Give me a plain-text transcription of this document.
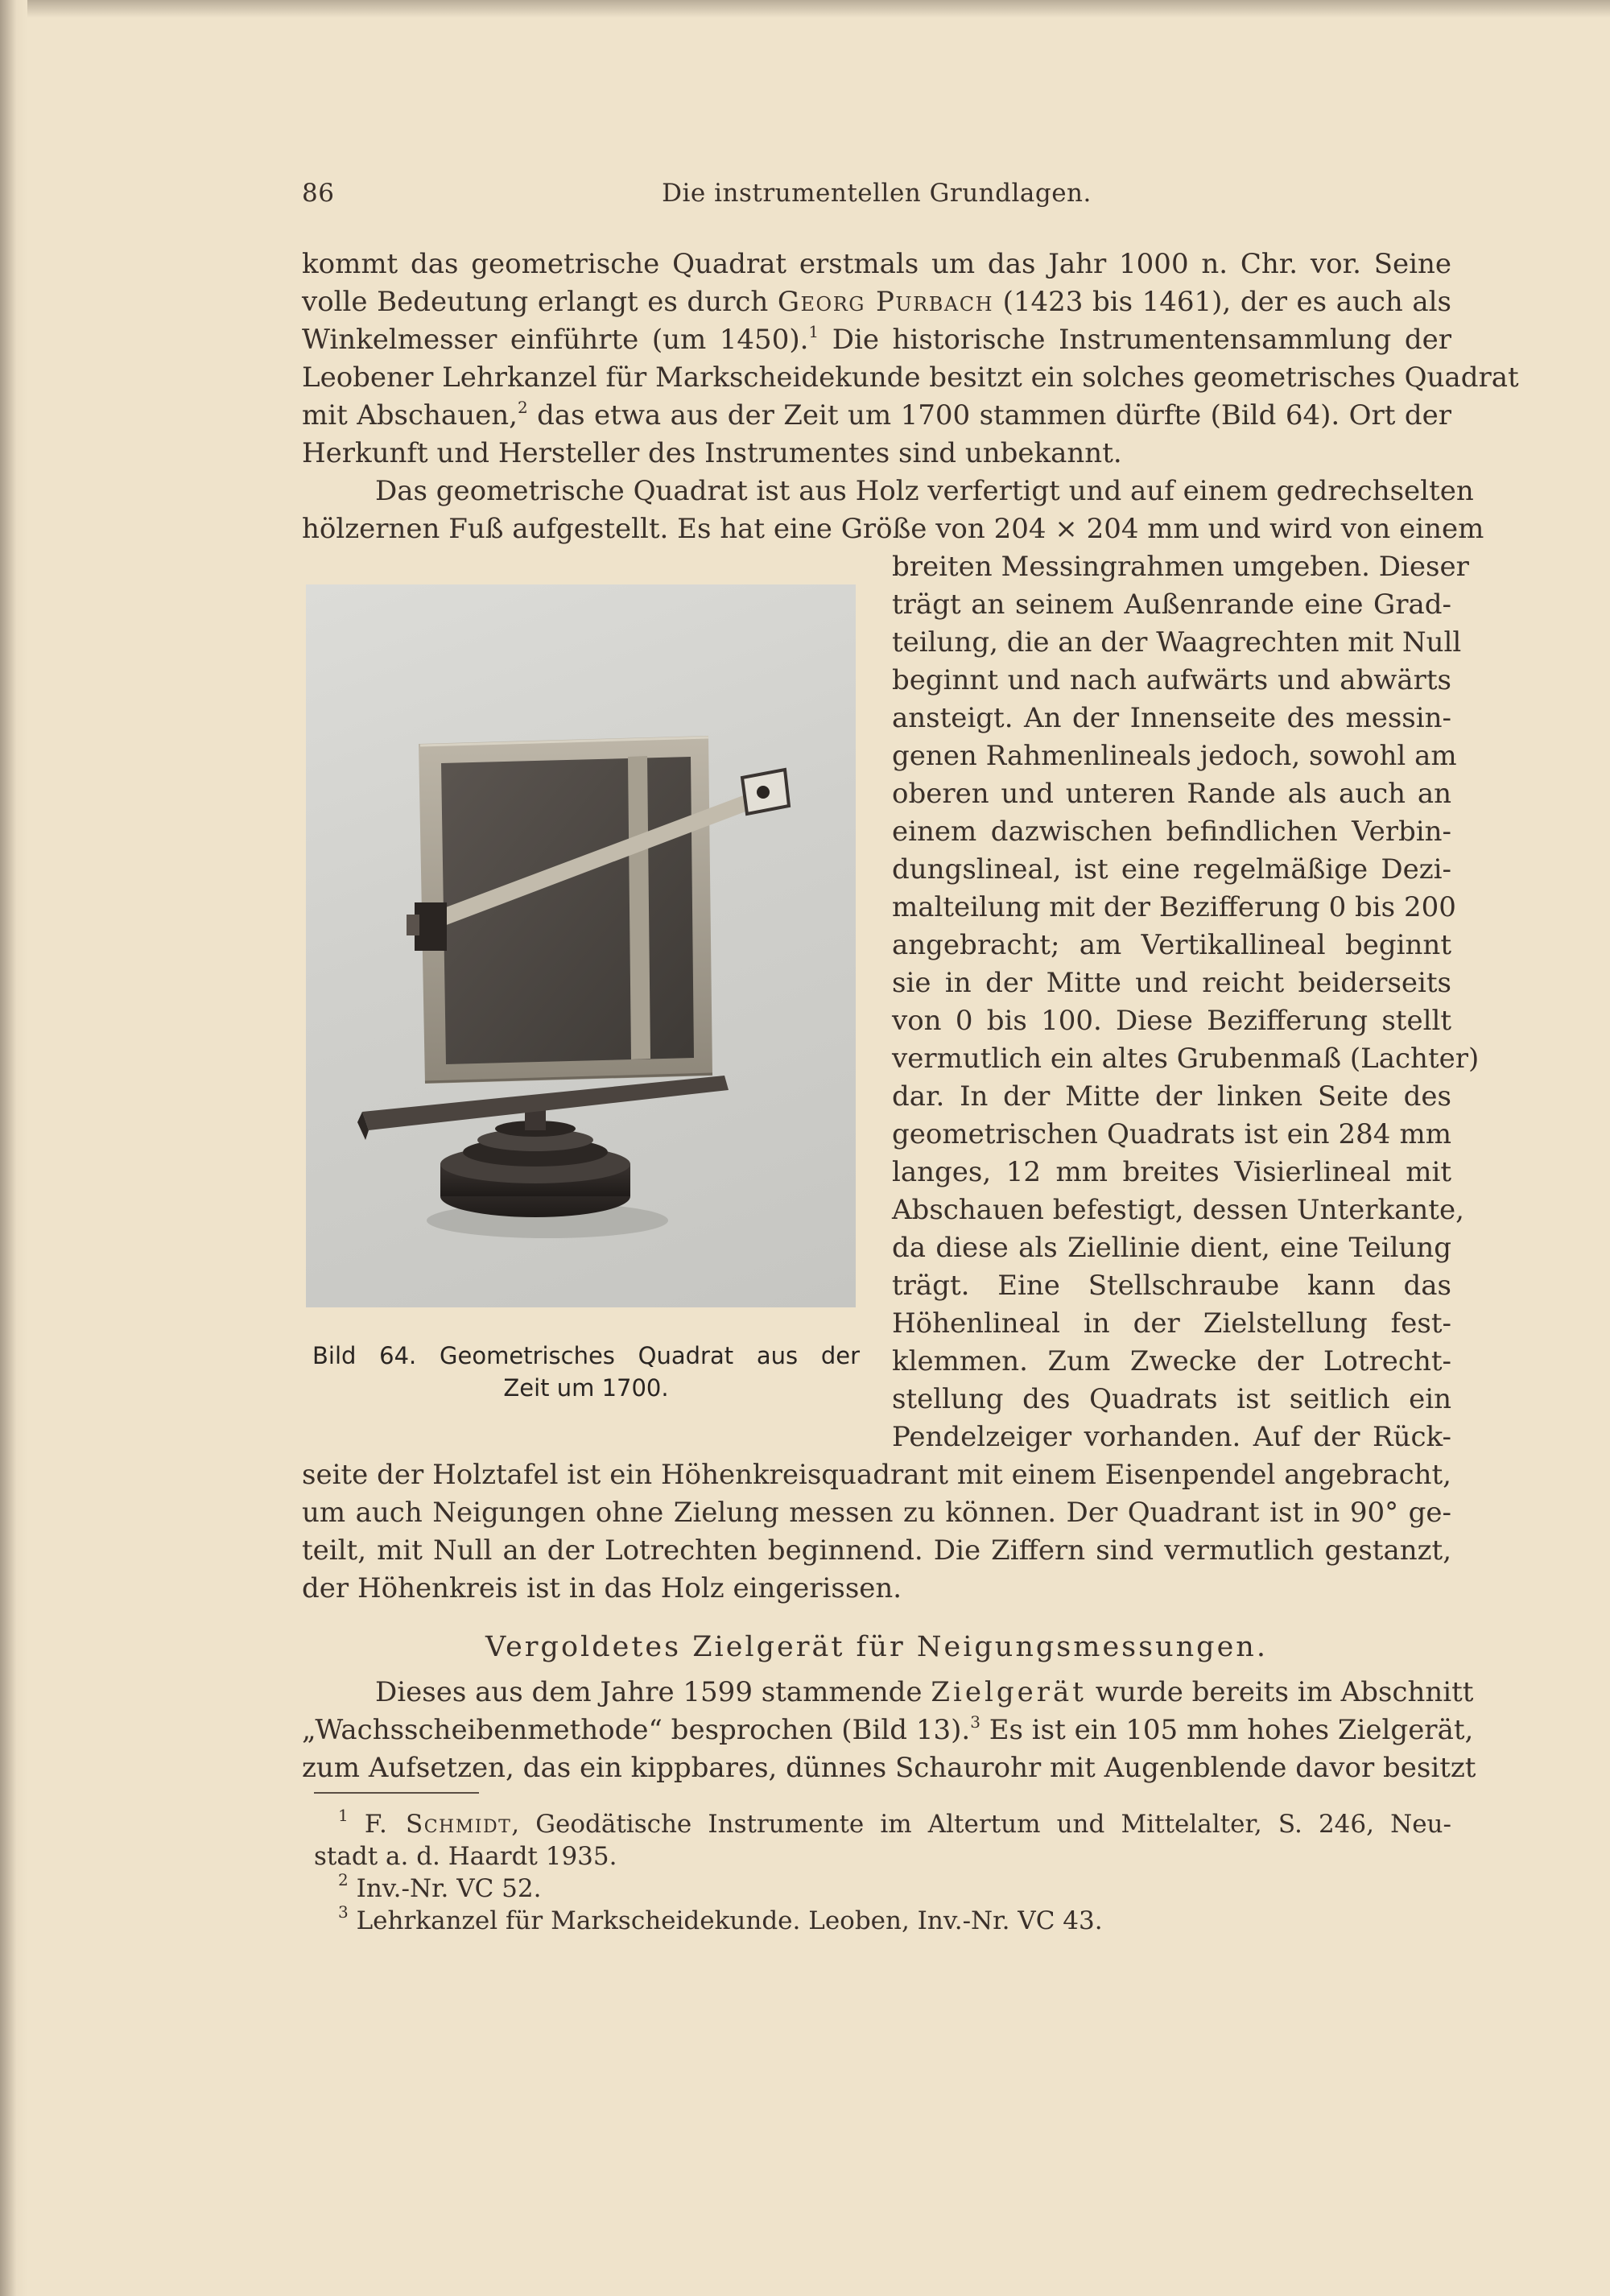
86	Die instrumentellen Grundlagen.
kommt das geometrische Quadrat erstmals um das Jahr 1000 n. Chr. vor. Seine
volle Bedeutung erlangt es durch Georg Purbach (1423 bis 1461), der es auch als
Winkelmesser einführte (um 1450).$^1$ Die historische Instrumentensammlung der
Leobener Lehrkanzel für Markscheidekunde besitzt ein solches geometrisches Quadrat
mit Abschauen,$^2$ das etwa aus der Zeit um 1700 stammen dürfte (Bild 64). Ort der
Herkunft und Hersteller des Instrumentes sind unbekannt.
Das geometrische Quadrat ist aus Holz verfertigt und auf einem gedrechselten
hölzernen Fuß aufgestellt. Es hat eine Größe von 204 × 204 mm und wird von einem
breiten Messingrahmen umgeben. Dieser
trägt an seinem Außenrande eine Grad-
teilung, die an der Waagrechten mit Null
beginnt und nach aufwärts und abwärts
ansteigt. An der Innenseite des messin-
genen Rahmenlineals jedoch, sowohl am
oberen und unteren Rande als auch an
einem dazwischen befindlichen Verbin-
dungslineal, ist eine regelmäßige Dezi-
malteilung mit der Bezifferung 0 bis 200
angebracht; am Vertikallineal beginnt
sie in der Mitte und reicht beiderseits
von 0 bis 100. Diese Bezifferung stellt
vermutlich ein altes Grubenmaß (Lachter)
dar. In der Mitte der linken Seite des
geometrischen Quadrats ist ein 284 mm
langes, 12 mm breites Visierlineal mit
Abschauen befestigt, dessen Unterkante,
da diese als Ziellinie dient, eine Teilung
trägt. Eine Stellschraube kann das
Höhenlineal in der Zielstellung fest-
klemmen. Zum Zwecke der Lotrecht-
stellung des Quadrats ist seitlich ein
Pendelzeiger vorhanden. Auf der Rück-
seite der Holztafel ist ein Höhenkreisquadrant mit einem Eisenpendel angebracht,
um auch Neigungen ohne Zielung messen zu können. Der Quadrant ist in 90° ge-
teilt, mit Null an der Lotrechten beginnend. Die Ziffern sind vermutlich gestanzt,
der Höhenkreis ist in das Holz eingerissen.
Vergoldetes Zielgerät für Neigungsmessungen.
Dieses aus dem Jahre 1599 stammende Zielgerät wurde bereits im Abschnitt
„Wachsscheibenmethode“ besprochen (Bild 13).$^3$ Es ist ein 105 mm hohes Zielgerät,
zum Aufsetzen, das ein kippbares, dünnes Schaurohr mit Augenblende davor besitzt
$^1$ F. Schmidt, Geodätische Instrumente im Altertum und Mittelalter, S. 246, Neu-
stadt a. d. Haardt 1935.
$^2$ Inv.-Nr. VC 52.
$^3$ Lehrkanzel für Markscheidekunde. Leoben, Inv.-Nr. VC 43.
Bild 64. Geometrisches Quadrat aus der
Zeit um 1700.
